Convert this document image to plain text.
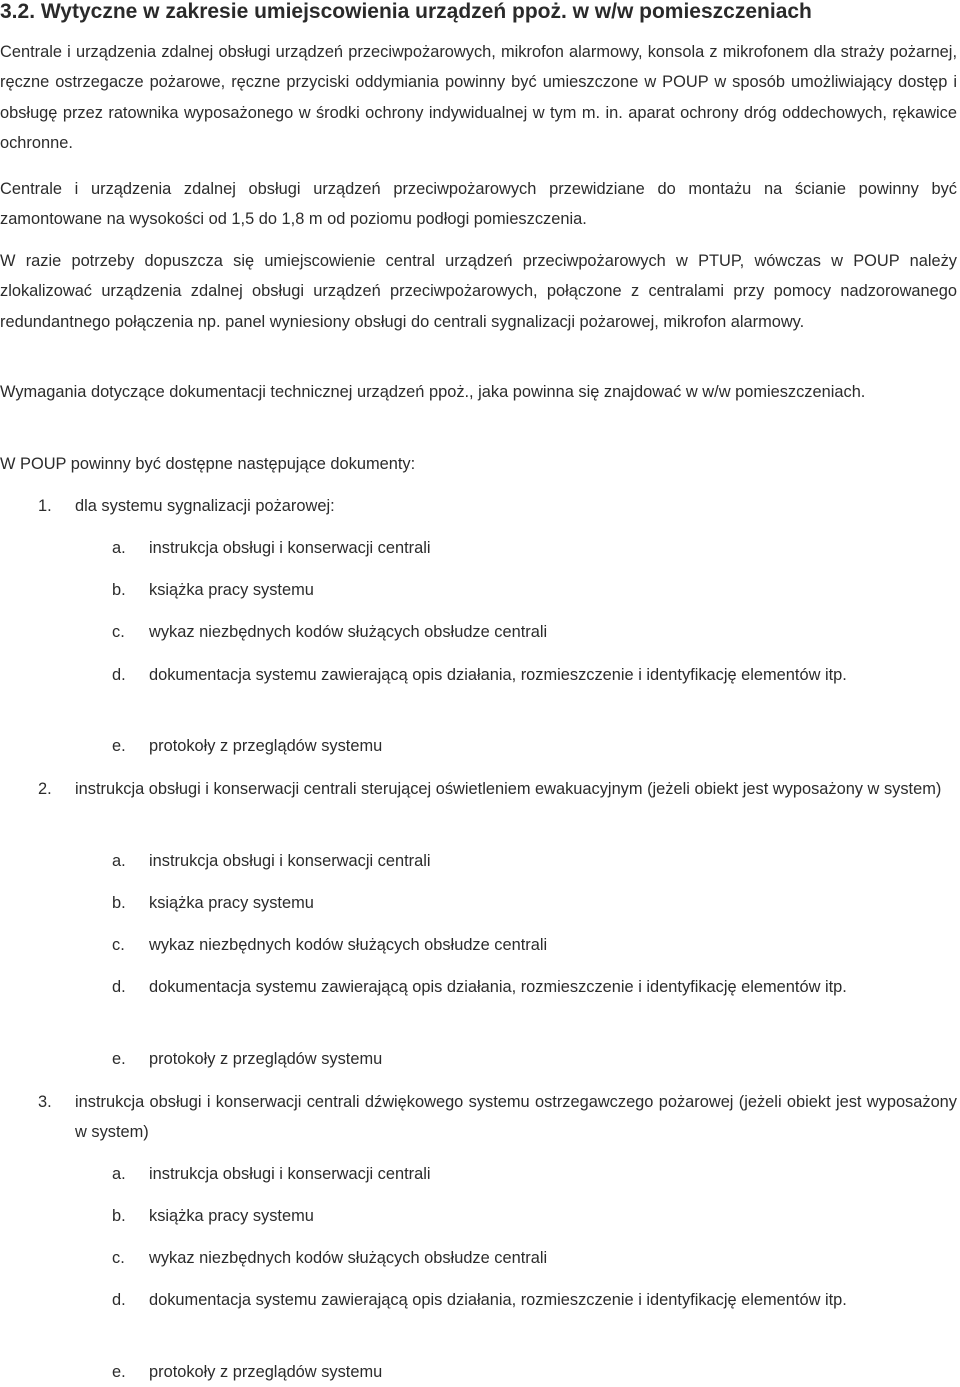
3.2. Wytyczne w zakresie umiejscowienia urządzeń ppoż. w w/w pomieszczeniach
Centrale i urządzenia zdalnej obsługi urządzeń przeciwpożarowych, mikrofon alarmowy, konsola z mikrofonem dla straży pożarnej, ręczne ostrzegacze pożarowe, ręczne przyciski oddymiania powinny być umieszczone w POUP w sposób umożliwiający dostęp i obsługę przez ratownika wyposażonego w środki ochrony indywidualnej w tym m. in. aparat ochrony dróg oddechowych, rękawice ochronne.
Centrale i urządzenia zdalnej obsługi urządzeń przeciwpożarowych przewidziane do montażu na ścianie powinny być zamontowane na wysokości od 1,5 do 1,8 m od poziomu podłogi pomieszczenia.
W razie potrzeby dopuszcza się umiejscowienie central urządzeń przeciwpożarowych w PTUP, wówczas w POUP należy zlokalizować urządzenia zdalnej obsługi urządzeń przeciwpożarowych, połączone z centralami przy pomocy nadzorowanego redundantnego połączenia np. panel wyniesiony obsługi do centrali sygnalizacji pożarowej, mikrofon alarmowy.
Wymagania dotyczące dokumentacji technicznej urządzeń ppoż., jaka powinna się znajdować w w/w pomieszczeniach.
W POUP powinny być dostępne następujące dokumenty:
1. dla systemu sygnalizacji pożarowej:
a. instrukcja obsługi i konserwacji centrali
b. książka pracy systemu
c. wykaz niezbędnych kodów służących obsłudze centrali
d. dokumentacja systemu zawierającą opis działania, rozmieszczenie i identyfikację elementów itp.
e. protokoły z przeglądów systemu
2. instrukcja obsługi i konserwacji centrali sterującej oświetleniem ewakuacyjnym (jeżeli obiekt jest wyposażony w system)
a. instrukcja obsługi i konserwacji centrali
b. książka pracy systemu
c. wykaz niezbędnych kodów służących obsłudze centrali
d. dokumentacja systemu zawierającą opis działania, rozmieszczenie i identyfikację elementów itp.
e. protokoły z przeglądów systemu
3. instrukcja obsługi i konserwacji centrali dźwiękowego systemu ostrzegawczego pożarowej (jeżeli obiekt jest wyposażony w system)
a. instrukcja obsługi i konserwacji centrali
b. książka pracy systemu
c. wykaz niezbędnych kodów służących obsłudze centrali
d. dokumentacja systemu zawierającą opis działania, rozmieszczenie i identyfikację elementów itp.
e. protokoły z przeglądów systemu
